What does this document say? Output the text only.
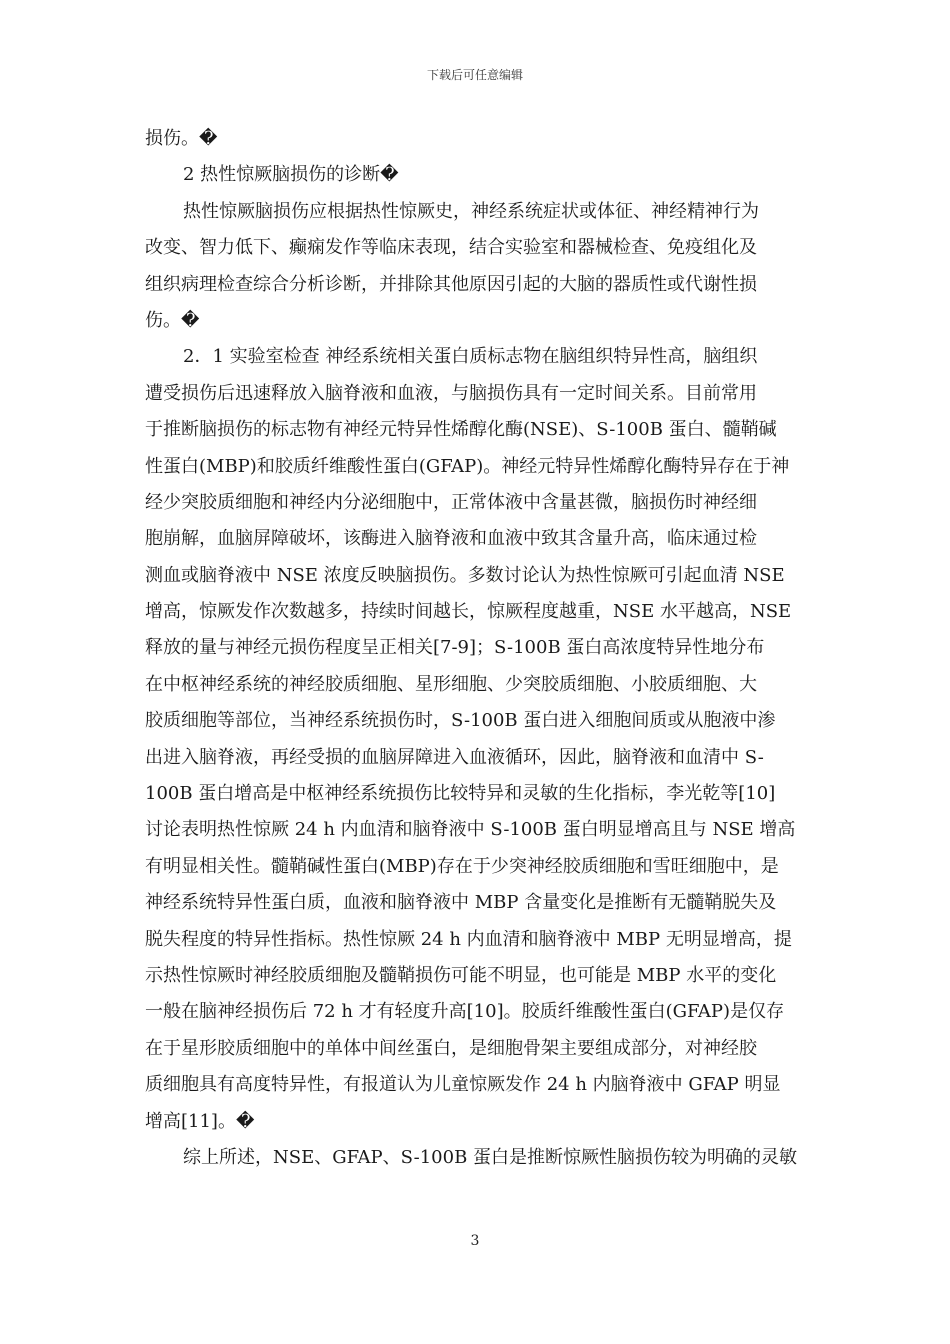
下载后可任意编辑
损伤。�
2 热性惊厥脑损伤的诊断�
热性惊厥脑损伤应根据热性惊厥史，神经系统症状或体征、神经精神行为
改变、智力低下、癫痫发作等临床表现，结合实验室和器械检查、免疫组化及
组织病理检查综合分析诊断，并排除其他原因引起的大脑的器质性或代谢性损
伤。�
2．1 实验室检查 神经系统相关蛋白质标志物在脑组织特异性高，脑组织
遭受损伤后迅速释放入脑脊液和血液，与脑损伤具有一定时间关系。目前常用
于推断脑损伤的标志物有神经元特异性烯醇化酶(NSE)、S-100B 蛋白、髓鞘碱
性蛋白(MBP)和胶质纤维酸性蛋白(GFAP)。神经元特异性烯醇化酶特异存在于神
经少突胶质细胞和神经内分泌细胞中，正常体液中含量甚微，脑损伤时神经细
胞崩解，血脑屏障破坏，该酶进入脑脊液和血液中致其含量升高，临床通过检
测血或脑脊液中 NSE 浓度反映脑损伤。多数讨论认为热性惊厥可引起血清 NSE
增高，惊厥发作次数越多，持续时间越长，惊厥程度越重，NSE 水平越高，NSE
释放的量与神经元损伤程度呈正相关[7-9]；S-100B 蛋白高浓度特异性地分布
在中枢神经系统的神经胶质细胞、星形细胞、少突胶质细胞、小胶质细胞、大
胶质细胞等部位，当神经系统损伤时，S-100B 蛋白进入细胞间质或从胞液中渗
出进入脑脊液，再经受损的血脑屏障进入血液循环，因此，脑脊液和血清中 S-
100B 蛋白增高是中枢神经系统损伤比较特异和灵敏的生化指标，李光乾等[10]
讨论表明热性惊厥 24 h 内血清和脑脊液中 S-100B 蛋白明显增高且与 NSE 增高
有明显相关性。髓鞘碱性蛋白(MBP)存在于少突神经胶质细胞和雪旺细胞中，是
神经系统特异性蛋白质，血液和脑脊液中 MBP 含量变化是推断有无髓鞘脱失及
脱失程度的特异性指标。热性惊厥 24 h 内血清和脑脊液中 MBP 无明显增高，提
示热性惊厥时神经胶质细胞及髓鞘损伤可能不明显，也可能是 MBP 水平的变化
一般在脑神经损伤后 72 h 才有轻度升高[10]。胶质纤维酸性蛋白(GFAP)是仅存
在于星形胶质细胞中的单体中间丝蛋白，是细胞骨架主要组成部分，对神经胶
质细胞具有高度特异性，有报道认为儿童惊厥发作 24 h 内脑脊液中 GFAP 明显
增高[11]。�
综上所述，NSE、GFAP、S-100B 蛋白是推断惊厥性脑损伤较为明确的灵敏
3
